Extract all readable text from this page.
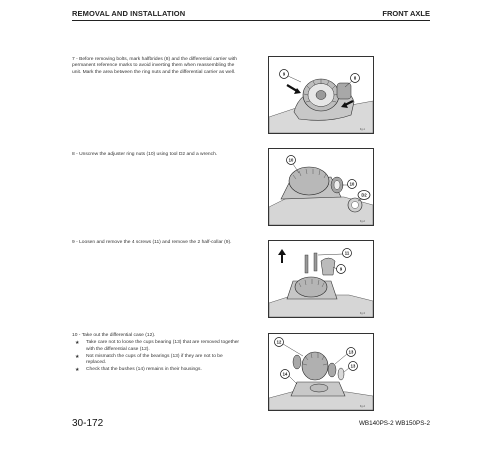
REMOVAL AND INSTALLATION	FRONT AXLE
7 - Before removing bolts, mark halfbrides (8) and the differential carrier with permanent reference marks to avoid inverting them when reassembling the unit. Mark the area between the ring nuts and the differential carrier as well.
8 - Unscrew the adjuster ring nuts (10) using tool D2 and a wrench.
9 - Loosen and remove the 4 screws (11) and remove the 2 half-collar (9).
10 - Take out the differential case (12).
★ Take care not to loose the cups bearing (13) that are removed together with the differential case (12).
★ Not mismatch the cups of the bearings (13) if they are not to be replaced.
★ Check that the bushes (14) remains in their housings.
9
8
fig-1
10
10
D2
fig-2
11
9
fig-3
12
13
13
14
fig-4
30-172	WB140PS-2 WB150PS-2
